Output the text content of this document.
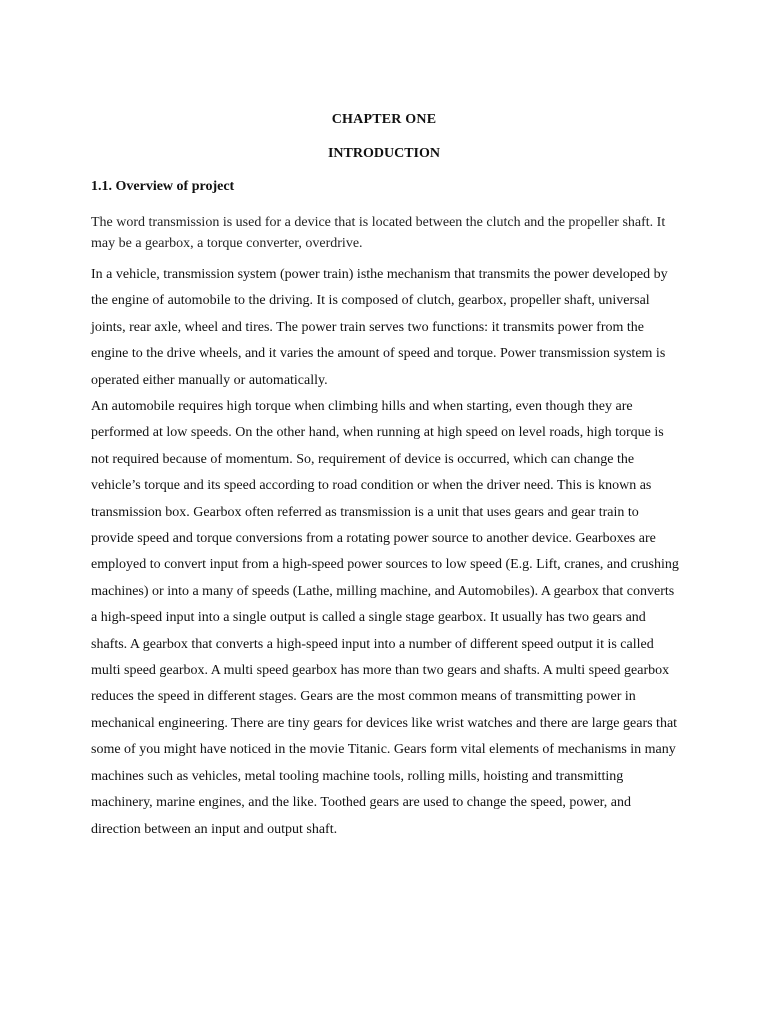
CHAPTER ONE
INTRODUCTION
1.1. Overview of project

The word transmission is used for a device that is located between the clutch and the propeller shaft. It may be a gearbox, a torque converter, overdrive.

In a vehicle, transmission system (power train) isthe mechanism that transmits the power developed by the engine of automobile to the driving. It is composed of clutch, gearbox, propeller shaft, universal joints, rear axle, wheel and tires. The power train serves two functions: it transmits power from the engine to the drive wheels, and it varies the amount of speed and torque. Power transmission system is operated either manually or automatically.

An automobile requires high torque when climbing hills and when starting, even though they are performed at low speeds. On the other hand, when running at high speed on level roads, high torque is not required because of momentum. So, requirement of device is occurred, which can change the vehicle’s torque and its speed according to road condition or when the driver need. This is known as transmission box. Gearbox often referred as transmission is a unit that uses gears and gear train to provide speed and torque conversions from a rotating power source to another device. Gearboxes are employed to convert input from a high-speed power sources to low speed (E.g. Lift, cranes, and crushing machines) or into a many of speeds (Lathe, milling machine, and Automobiles). A gearbox that converts a high-speed input into a single output is called a single stage gearbox. It usually has two gears and shafts. A gearbox that converts a high-speed input into a number of different speed output it is called multi speed gearbox. A multi speed gearbox has more than two gears and shafts. A multi speed gearbox reduces the speed in different stages. Gears are the most common means of transmitting power in mechanical engineering. There are tiny gears for devices like wrist watches and there are large gears that some of you might have noticed in the movie Titanic. Gears form vital elements of mechanisms in many machines such as vehicles, metal tooling machine tools, rolling mills, hoisting and transmitting machinery, marine engines, and the like. Toothed gears are used to change the speed, power, and direction between an input and output shaft.
